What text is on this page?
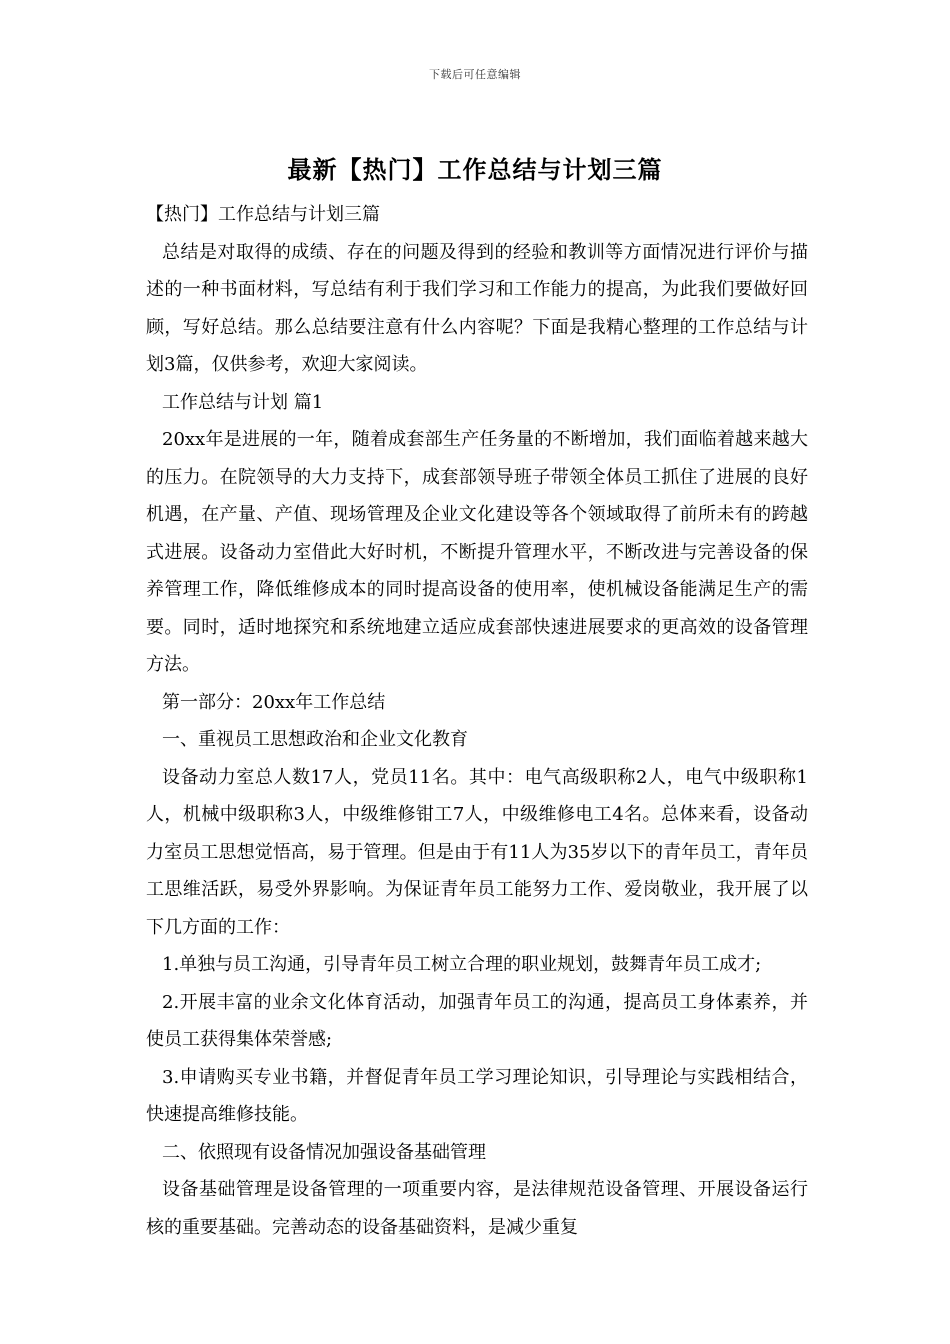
下载后可任意编辑
最新【热门】工作总结与计划三篇

【热门】工作总结与计划三篇

总结是对取得的成绩、存在的问题及得到的经验和教训等方面情况进行评价与描述的一种书面材料，写总结有利于我们学习和工作能力的提高，为此我们要做好回顾，写好总结。那么总结要注意有什么内容呢？下面是我精心整理的工作总结与计划3篇，仅供参考，欢迎大家阅读。

工作总结与计划 篇1

20xx年是进展的一年，随着成套部生产任务量的不断增加，我们面临着越来越大的压力。在院领导的大力支持下，成套部领导班子带领全体员工抓住了进展的良好机遇，在产量、产值、现场管理及企业文化建设等各个领域取得了前所未有的跨越式进展。设备动力室借此大好时机，不断提升管理水平，不断改进与完善设备的保养管理工作，降低维修成本的同时提高设备的使用率，使机械设备能满足生产的需要。同时，适时地探究和系统地建立适应成套部快速进展要求的更高效的设备管理方法。

第一部分：20xx年工作总结

一、重视员工思想政治和企业文化教育

设备动力室总人数17人，党员11名。其中：电气高级职称2人，电气中级职称1人，机械中级职称3人，中级维修钳工7人，中级维修电工4名。总体来看，设备动力室员工思想觉悟高，易于管理。但是由于有11人为35岁以下的青年员工，青年员工思维活跃，易受外界影响。为保证青年员工能努力工作、爱岗敬业，我开展了以下几方面的工作：

1.单独与员工沟通，引导青年员工树立合理的职业规划，鼓舞青年员工成才;

2.开展丰富的业余文化体育活动，加强青年员工的沟通，提高员工身体素养，并使员工获得集体荣誉感;

3.申请购买专业书籍，并督促青年员工学习理论知识，引导理论与实践相结合，快速提高维修技能。

二、依照现有设备情况加强设备基础管理

设备基础管理是设备管理的一项重要内容，是法律规范设备管理、开展设备运行核的重要基础。完善动态的设备基础资料，是减少重复
